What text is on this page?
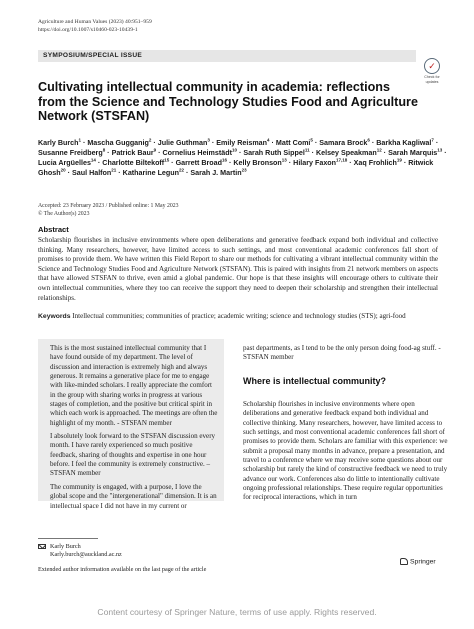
Agriculture and Human Values (2023) 40:951–959
https://doi.org/10.1007/s10460-023-10439-1
✓
Check for
updates
SYMPOSIUM/SPECIAL ISSUE
Cultivating intellectual community in academia: reflections from the Science and Technology Studies Food and Agriculture Network (STSFAN)
Karly Burch$^1$ · Mascha Gugganig$^2$ · Julie Guthman$^3$ · Emily Reisman$^4$ · Matt Comi$^5$ · Samara Brock$^6$ · Barkha Kagliwal$^7$ · Susanne Freidberg$^8$ · Patrick Baur$^9$ · Cornelius Heimstädt$^{10}$ · Sarah Ruth Sippel$^{11}$ · Kelsey Speakman$^{12}$ · Sarah Marquis$^{13}$ · Lucia Argüelles$^{14}$ · Charlotte Biltekoff$^{15}$ · Garrett Broad$^{16}$ · Kelly Bronson$^{13}$ · Hilary Faxon$^{17,18}$ · Xaq Frohlich$^{19}$ · Ritwick Ghosh$^{20}$ · Saul Halfon$^{21}$ · Katharine Legun$^{22}$ · Sarah J. Martin$^{23}$
Accepted: 23 February 2023 / Published online: 1 May 2023
© The Author(s) 2023
Abstract
Scholarship flourishes in inclusive environments where open deliberations and generative feedback expand both individual and collective thinking. Many researchers, however, have limited access to such settings, and most conventional academic conferences fall short of promises to provide them. We have written this Field Report to share our methods for cultivating a vibrant intellectual community within the Science and Technology Studies Food and Agriculture Network (STSFAN). This is paired with insights from 21 network members on aspects that have allowed STSFAN to thrive, even amid a global pandemic. Our hope is that these insights will encourage others to cultivate their own intellectual communities, where they too can receive the support they need to deepen their scholarship and strengthen their intellectual relationships.
Keywords Intellectual communities; communities of practice; academic writing; science and technology studies (STS); agri-food

This is the most sustained intellectual community that I have found outside of my department. The level of discussion and interaction is extremely high and always generous. It remains a generative place for me to engage with like-minded scholars. I really appreciate the comfort in the group with sharing works in progress at various stages of completion, and the positive but critical spirit in which each work is approached. The meetings are often the highlight of my month. - STSFAN member

I absolutely look forward to the STSFAN discussion every month. I have rarely experienced so much positive feedback, sharing of thoughts and expertise in one hour before. I feel the community is extremely constructive. – STSFAN member

The community is engaged, with a purpose, I love the global scope and the "intergenerational" dimension. It is an intellectual space I did not have in my current or

past departments, as I tend to be the only person doing food-ag stuff. - STSFAN member

Where is intellectual community?

Scholarship flourishes in inclusive environments where open deliberations and generative feedback expand both individual and collective thinking. Many researchers, however, have limited access to such settings, and most conventional academic conferences fall short of promises to provide them. Scholars are familiar with this experience: we submit a proposal many months in advance, prepare a presentation, and travel to a conference where we may receive some questions about our scholarship but rarely the kind of constructive feedback we need to truly advance our work. Conferences also do little to intentionally cultivate ongoing professional relationships. These require regular opportunities for reciprocal interactions, which in turn

Karly Burch
Karly.burch@auckland.ac.nz
Extended author information available on the last page of the article
Springer
Content courtesy of Springer Nature, terms of use apply. Rights reserved.
